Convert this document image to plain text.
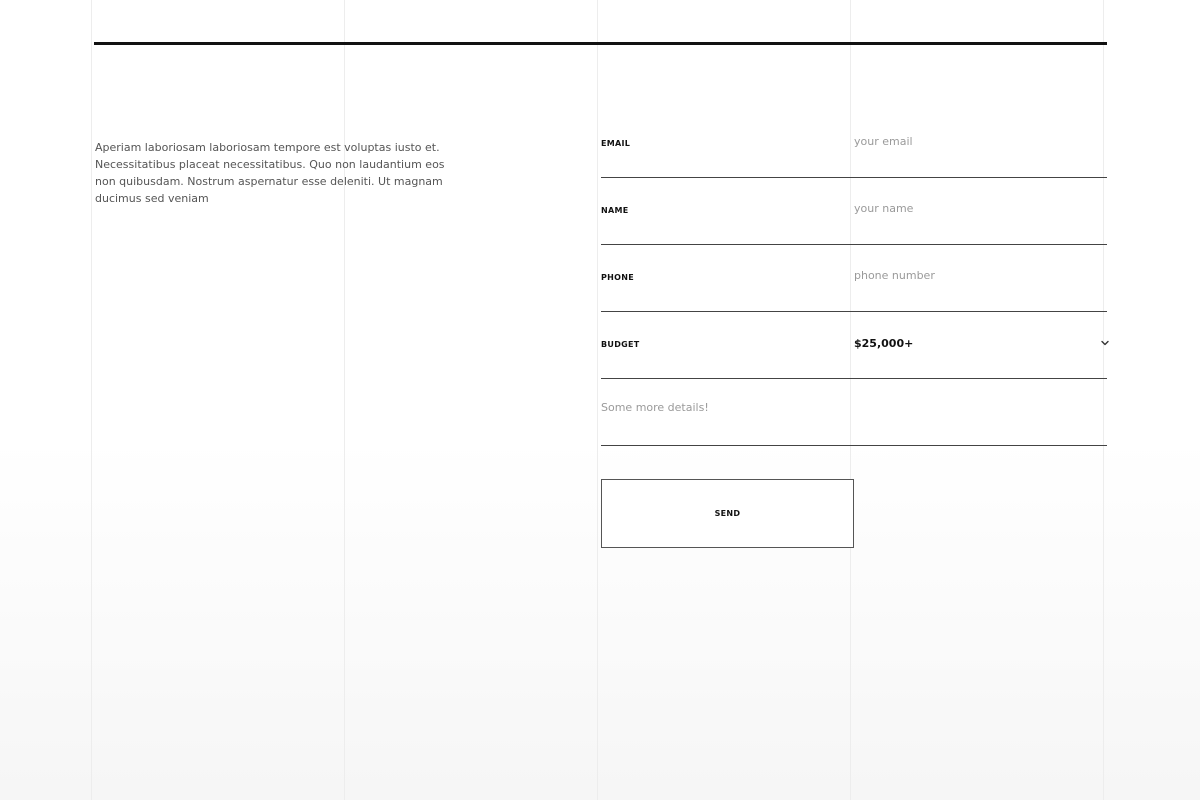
Aperiam laboriosam laboriosam tempore est voluptas iusto et. Necessitatibus placeat necessitatibus. Quo non laudantium eos non quibusdam. Nostrum aspernatur esse deleniti. Ut magnam ducimus sed veniam

EMAIL
your email
NAME
your name
PHONE
phone number
BUDGET	$25,000+
Some more details!
SEND
